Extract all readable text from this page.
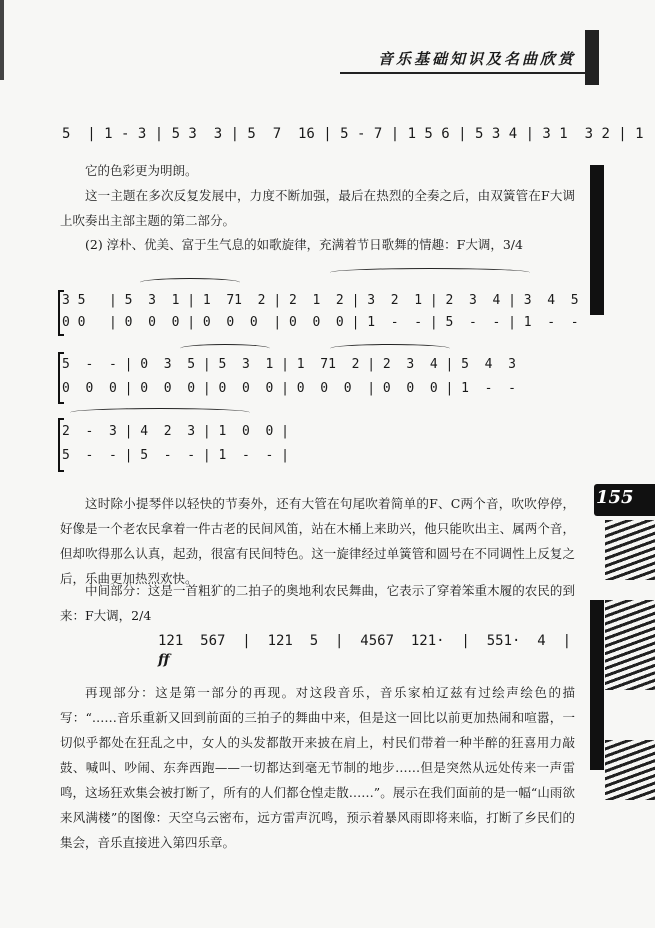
音乐基础知识及名曲欣赏
155
5  | 1 - 3 | 5 3  3 | 5  7  16 | 5 - 7 | 1 5 6 | 5 3 4 | 3 1  3 2 | 1
它的色彩更为明朗。
这一主题在多次反复发展中，力度不断加强，最后在热烈的全奏之后，由双簧管在F大调上吹奏出主部主题的第二部分。
(2) 淳朴、优美、富于生气息的如歌旋律，充满着节日歌舞的情趣：F大调，3/4
3 5   | 5  3  1 | 1  71  2 | 2  1  2 | 3  2  1 | 2  3  4 | 3  4  5
0 0   | 0  0  0 | 0  0  0  | 0  0  0 | 1  -  - | 5  -  - | 1  -  -
5  -  - | 0  3  5 | 5  3  1 | 1  71  2 | 2  3  4 | 5  4  3
0  0  0 | 0  0  0 | 0  0  0 | 0  0  0  | 0  0  0 | 1  -  -
2  -  3 | 4  2  3 | 1  0  0 |
5  -  - | 5  -  - | 1  -  - |
这时除小提琴伴以轻快的节奏外，还有大管在句尾吹着简单的F、C两个音，吹吹停停，好像是一个老农民拿着一件古老的民间风笛，站在木桶上来助兴，他只能吹出主、属两个音，但却吹得那么认真，起劲，很富有民间特色。这一旋律经过单簧管和圆号在不同调性上反复之后，乐曲更加热烈欢快。
中间部分：这是一首粗犷的二拍子的奥地利农民舞曲，它表示了穿着笨重木履的农民的到来：F大调，2/4
121  567  |  121  5  |  4567  121·  |  551·  4  |
ff
再现部分：这是第一部分的再现。对这段音乐，音乐家柏辽兹有过绘声绘色的描写：“……音乐重新又回到前面的三拍子的舞曲中来，但是这一回比以前更加热闹和喧嚣，一切似乎都处在狂乱之中，女人的头发都散开来披在肩上，村民们带着一种半醉的狂喜用力敲鼓、喊叫、吵闹、东奔西跑——一切都达到毫无节制的地步……但是突然从远处传来一声雷鸣，这场狂欢集会被打断了，所有的人们都仓惶走散……”。展示在我们面前的是一幅“山雨欲来风满楼”的图像：天空乌云密布，远方雷声沉鸣，预示着暴风雨即将来临，打断了乡民们的集会，音乐直接进入第四乐章。
